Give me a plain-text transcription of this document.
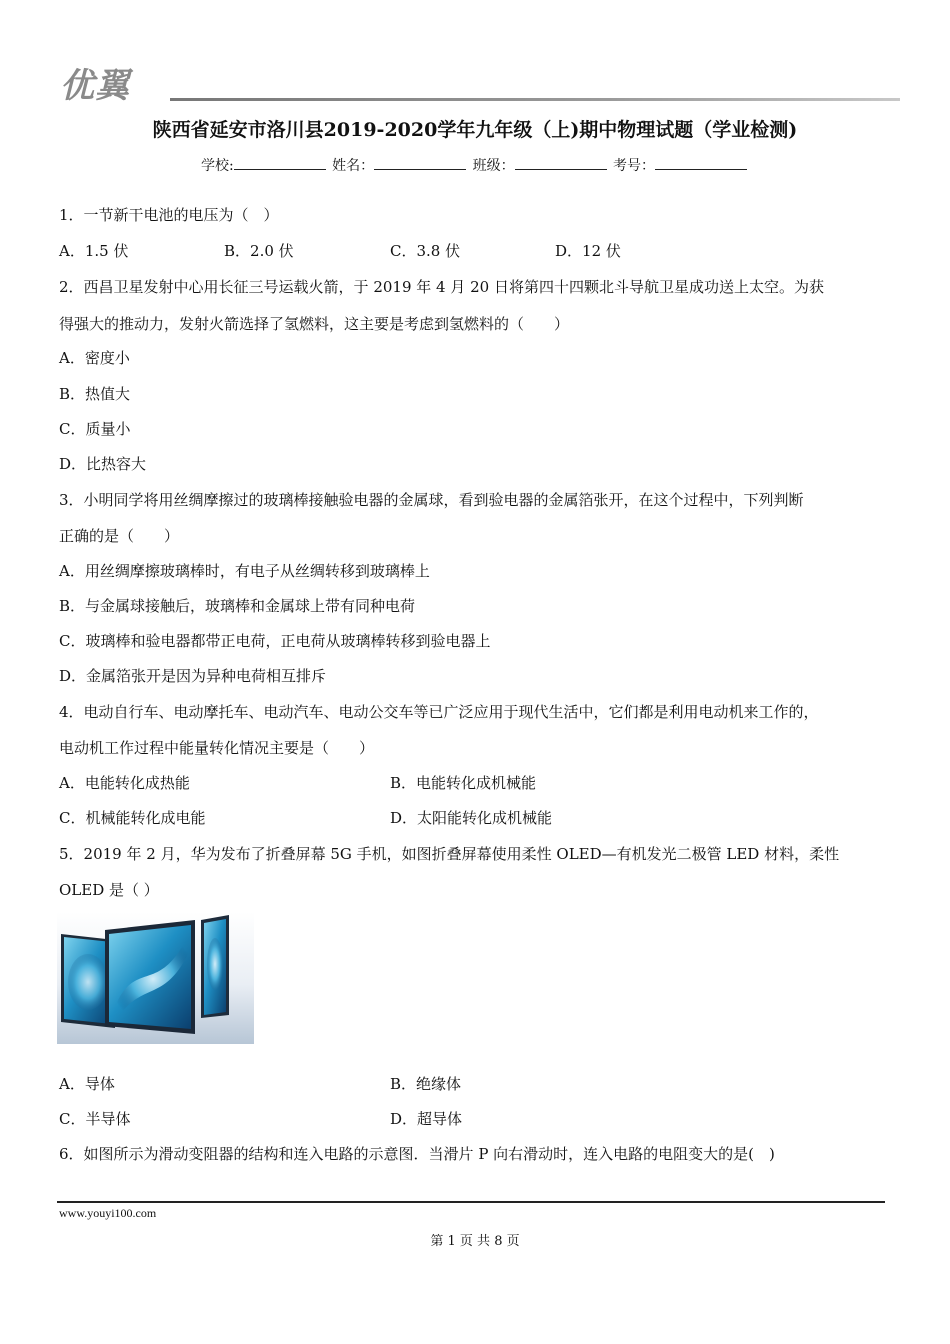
优翼
陕西省延安市洛川县2019-2020学年九年级（上)期中物理试题（学业检测)
学校:	姓名：	班级：	考号：
1．一节新干电池的电压为（　）
A．1.5 伏	B．2.0 伏	C．3.8 伏	D．12 伏
2．西昌卫星发射中心用长征三号运载火箭，于 2019 年 4 月 20 日将第四十四颗北斗导航卫星成功送上太空。为获
得强大的推动力，发射火箭选择了氢燃料，这主要是考虑到氢燃料的（　　）
A．密度小
B．热值大
C．质量小
D．比热容大
3．小明同学将用丝绸摩擦过的玻璃棒接触验电器的金属球，看到验电器的金属箔张开，在这个过程中，下列判断
正确的是（　　）
A．用丝绸摩擦玻璃棒时，有电子从丝绸转移到玻璃棒上
B．与金属球接触后，玻璃棒和金属球上带有同种电荷
C．玻璃棒和验电器都带正电荷，正电荷从玻璃棒转移到验电器上
D．金属箔张开是因为异种电荷相互排斥
4．电动自行车、电动摩托车、电动汽车、电动公交车等已广泛应用于现代生活中，它们都是利用电动机来工作的，
电动机工作过程中能量转化情况主要是（　　）
A．电能转化成热能	B．电能转化成机械能
C．机械能转化成电能	D．太阳能转化成机械能
5．2019 年 2 月，华为发布了折叠屏幕 5G 手机，如图折叠屏幕使用柔性 OLED—有机发光二极管 LED 材料，柔性
OLED 是（ ）
A．导体	B．绝缘体
C．半导体	D．超导体
6．如图所示为滑动变阻器的结构和连入电路的示意图．当滑片 P 向右滑动时，连入电路的电阻变大的是(　)
www.youyi100.com
第 1 页 共 8 页
